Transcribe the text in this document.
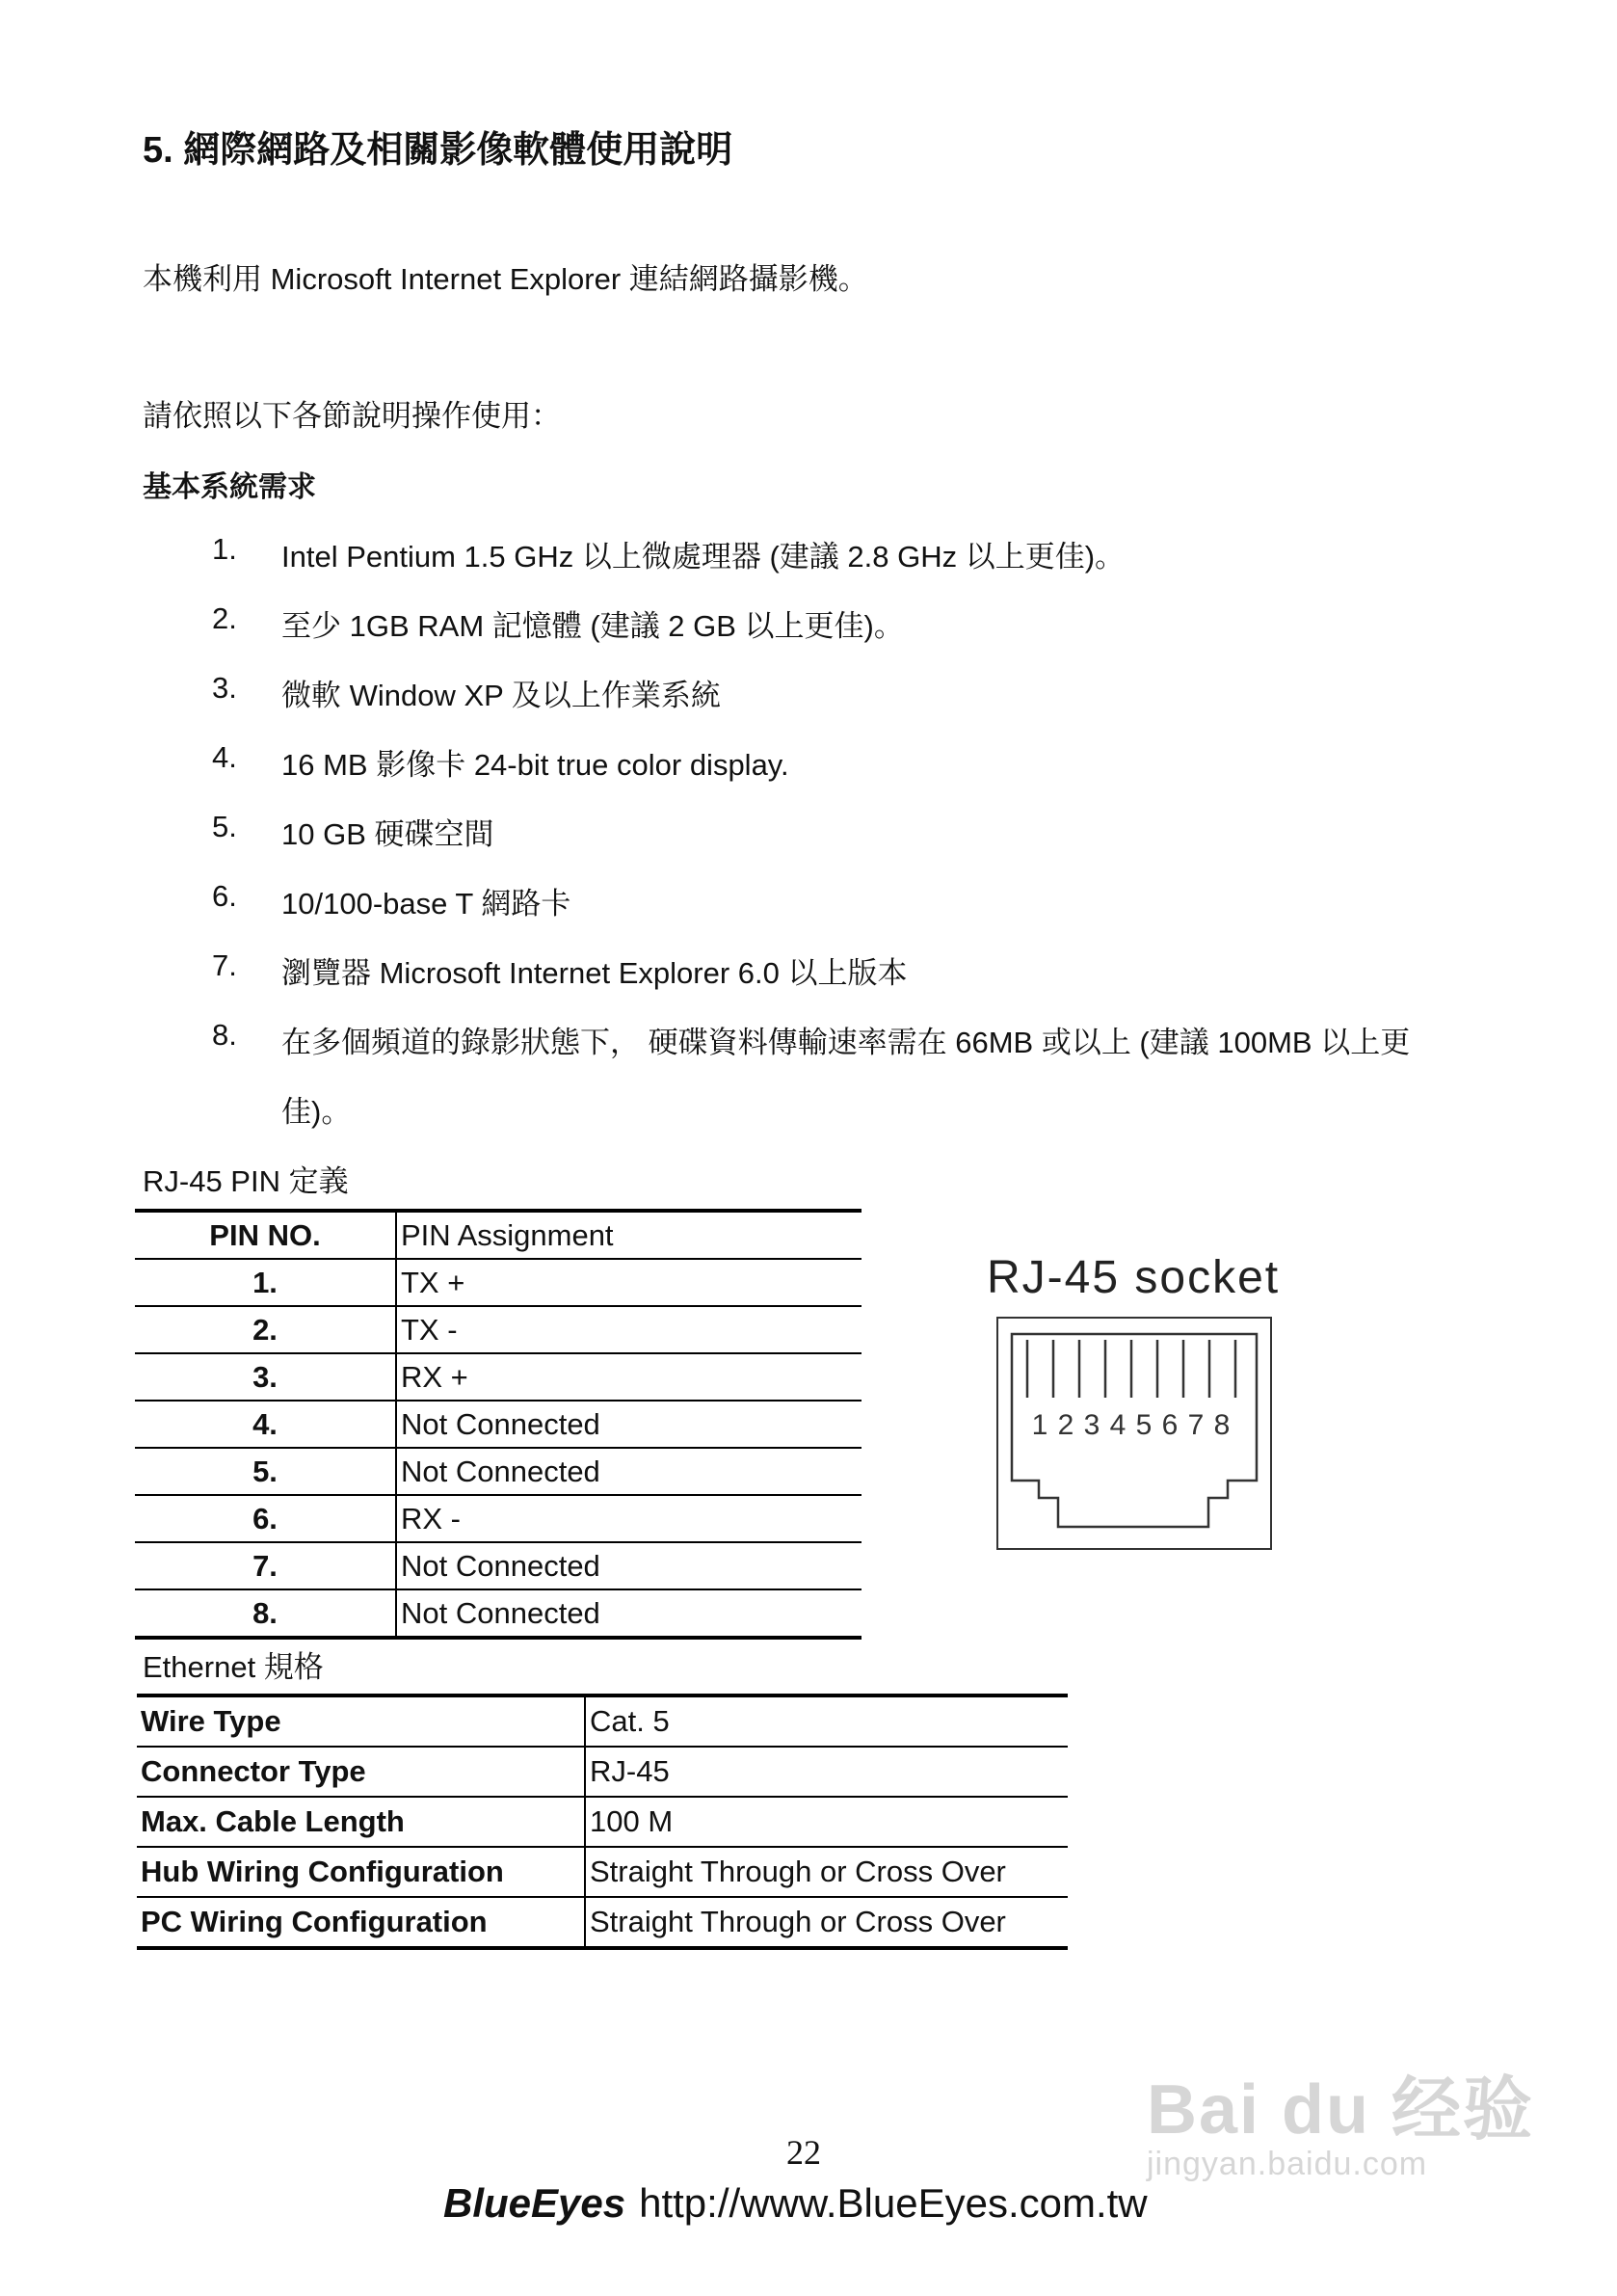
5. 網際網路及相關影像軟體使用說明
本機利用 Microsoft Internet Explorer 連結網路攝影機。
請依照以下各節說明操作使用：
基本系統需求
1.	Intel Pentium 1.5 GHz 以上微處理器 (建議 2.8 GHz 以上更佳)。
2.	至少 1GB RAM 記憶體 (建議 2 GB 以上更佳)。
3.	微軟 Window XP 及以上作業系統
4.	16 MB 影像卡 24-bit true color display.
5.	10 GB 硬碟空間
6.	10/100-base T 網路卡
7.	瀏覽器 Microsoft Internet Explorer 6.0 以上版本
8.	在多個頻道的錄影狀態下， 硬碟資料傳輸速率需在 66MB 或以上 (建議 100MB 以上更
佳)。
RJ-45 PIN 定義
PIN NO.	PIN Assignment
1.	TX +
2.	TX -
3.	RX +
4.	Not Connected
5.	Not Connected
6.	RX -
7.	Not Connected
8.	Not Connected
RJ-45 socket
1 2 3 4 5 6 7 8
Ethernet 規格
Wire Type	Cat. 5
Connector Type	RJ-45
Max. Cable Length	100 M
Hub Wiring Configuration	Straight Through or Cross Over
PC Wiring Configuration	Straight Through or Cross Over
Bai du 经验
jingyan.baidu.com
22
BlueEyes http://www.BlueEyes.com.tw
